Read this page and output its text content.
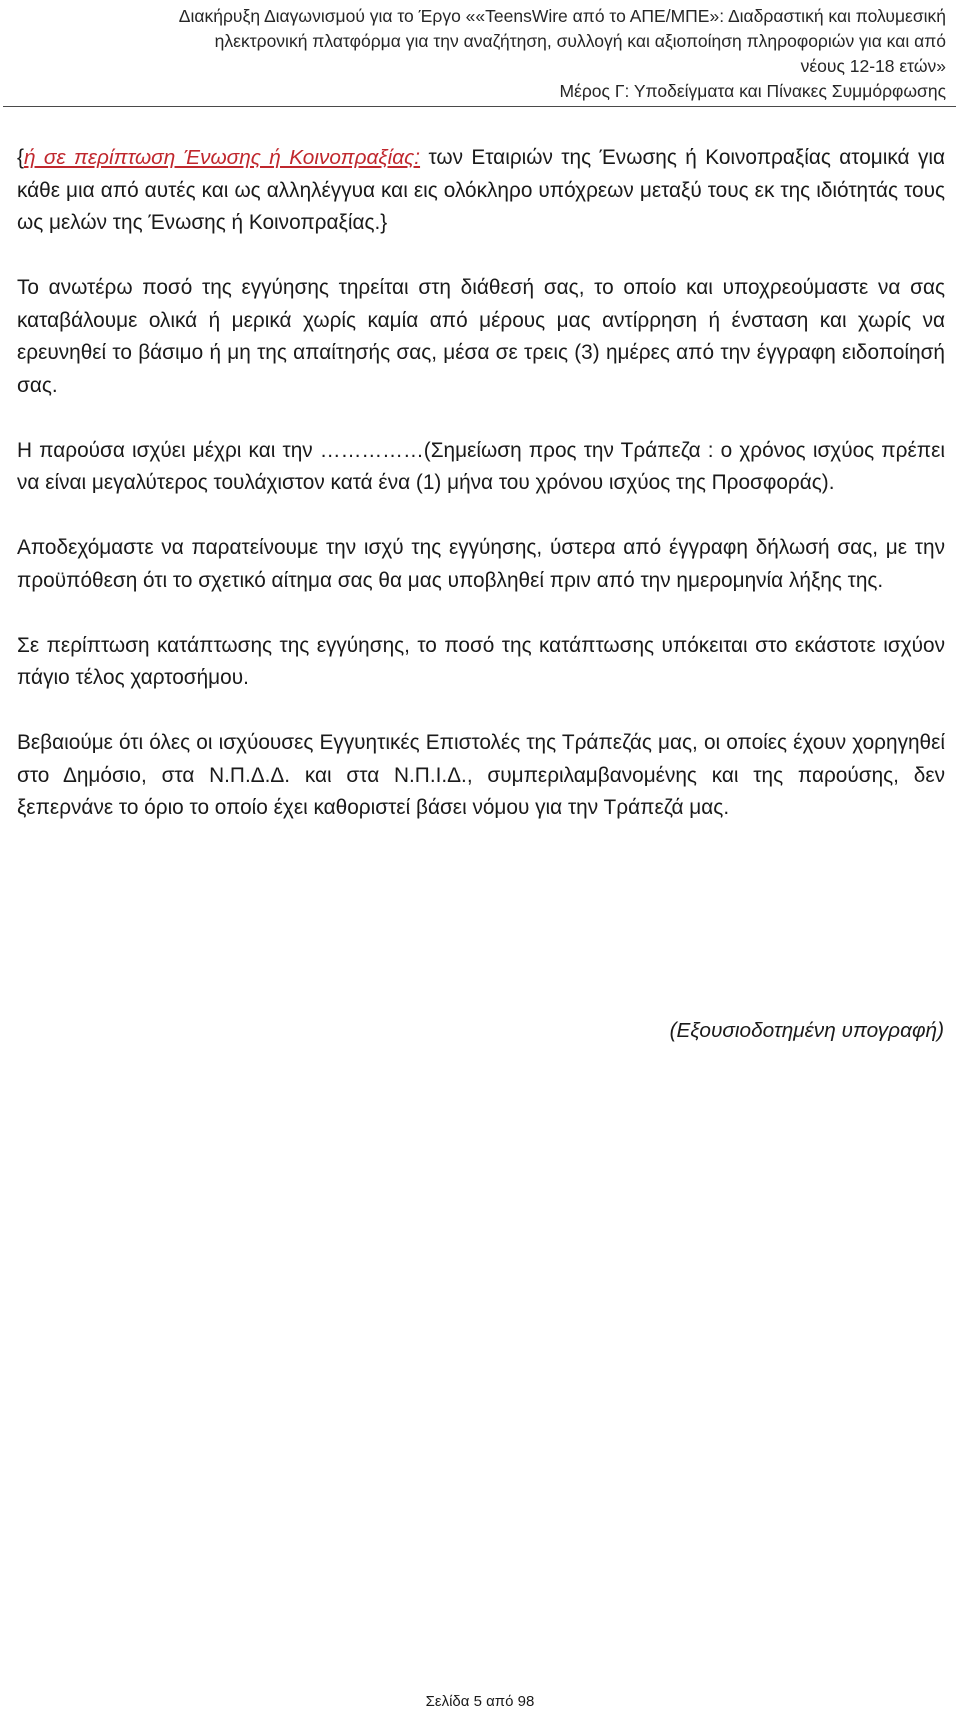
Διακήρυξη Διαγωνισμού για το Έργο ««TeensWire από το ΑΠΕ/ΜΠΕ»: Διαδραστική και πολυμεσική
ηλεκτρονική πλατφόρμα για την αναζήτηση, συλλογή και αξιοποίηση πληροφοριών για και από
νέους 12-18 ετών»
Μέρος Γ: Υποδείγματα και Πίνακες Συμμόρφωσης

{ή σε περίπτωση Ένωσης ή Κοινοπραξίας: των Εταιριών της Ένωσης ή Κοινοπραξίας ατομικά για κάθε μια από αυτές και ως αλληλέγγυα και εις ολόκληρο υπόχρεων μεταξύ τους εκ της ιδιότητάς τους ως μελών της Ένωσης ή Κοινοπραξίας.}

Το ανωτέρω ποσό της εγγύησης τηρείται στη διάθεσή σας, το οποίο και υποχρεούμαστε να σας καταβάλουμε ολικά ή μερικά χωρίς καμία από μέρους μας αντίρρηση ή ένσταση και χωρίς να ερευνηθεί το βάσιμο ή μη της απαίτησής σας, μέσα σε τρεις (3) ημέρες από την έγγραφη ειδοποίησή σας.

Η παρούσα ισχύει μέχρι και την ……………(Σημείωση προς την Τράπεζα : ο χρόνος ισχύος πρέπει να είναι μεγαλύτερος τουλάχιστον κατά ένα (1) μήνα του χρόνου ισχύος της Προσφοράς).

Αποδεχόμαστε να παρατείνουμε την ισχύ της εγγύησης, ύστερα από έγγραφη δήλωσή σας, με την προϋπόθεση ότι το σχετικό αίτημα σας θα μας υποβληθεί πριν από την ημερομηνία λήξης της.

Σε περίπτωση κατάπτωσης της εγγύησης, το ποσό της κατάπτωσης υπόκειται στο εκάστοτε ισχύον πάγιο τέλος χαρτοσήμου.

Βεβαιούμε ότι όλες οι ισχύουσες Εγγυητικές Επιστολές της Τράπεζάς μας, οι οποίες έχουν χορηγηθεί στο Δημόσιο, στα Ν.Π.Δ.Δ. και στα Ν.Π.Ι.Δ., συμπεριλαμβανομένης και της παρούσης, δεν ξεπερνάνε το όριο το οποίο έχει καθοριστεί βάσει νόμου για την Τράπεζά μας.

(Εξουσιοδοτημένη υπογραφή)
Σελίδα 5 από 98
